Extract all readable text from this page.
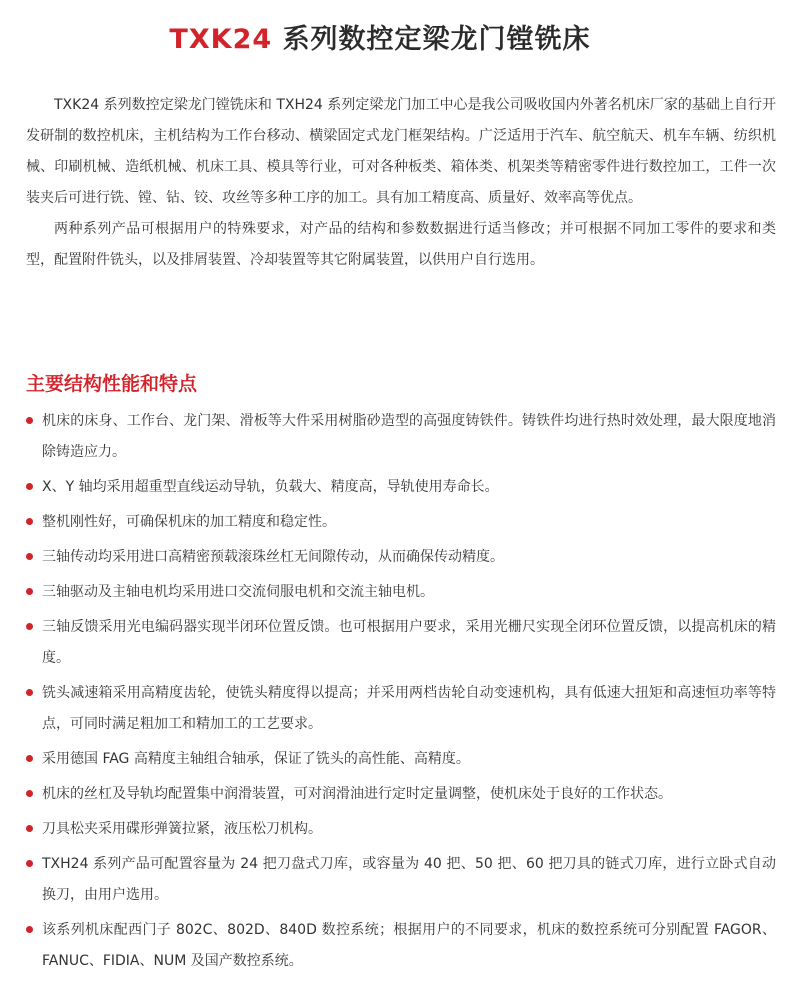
TXK24 系列数控定梁龙门镗铣床

TXK24 系列数控定梁龙门镗铣床和 TXH24 系列定梁龙门加工中心是我公司吸收国内外著名机床厂家的基础上自行开发研制的数控机床，主机结构为工作台移动、横梁固定式龙门框架结构。广泛适用于汽车、航空航天、机车车辆、纺织机械、印刷机械、造纸机械、机床工具、模具等行业，可对各种板类、箱体类、机架类等精密零件进行数控加工，工件一次装夹后可进行铣、镗、钻、铰、攻丝等多种工序的加工。具有加工精度高、质量好、效率高等优点。

两种系列产品可根据用户的特殊要求，对产品的结构和参数数据进行适当修改；并可根据不同加工零件的要求和类型，配置附件铣头，以及排屑装置、冷却装置等其它附属装置，以供用户自行选用。

主要结构性能和特点
机床的床身、工作台、龙门架、滑板等大件采用树脂砂造型的高强度铸铁件。铸铁件均进行热时效处理，最大限度地消除铸造应力。
X、Y 轴均采用超重型直线运动导轨，负载大、精度高，导轨使用寿命长。
整机刚性好，可确保机床的加工精度和稳定性。
三轴传动均采用进口高精密预载滚珠丝杠无间隙传动，从而确保传动精度。
三轴驱动及主轴电机均采用进口交流伺服电机和交流主轴电机。
三轴反馈采用光电编码器实现半闭环位置反馈。也可根据用户要求，采用光栅尺实现全闭环位置反馈，以提高机床的精度。
铣头减速箱采用高精度齿轮，使铣头精度得以提高；并采用两档齿轮自动变速机构，具有低速大扭矩和高速恒功率等特点，可同时满足粗加工和精加工的工艺要求。
采用德国 FAG 高精度主轴组合轴承，保证了铣头的高性能、高精度。
机床的丝杠及导轨均配置集中润滑装置，可对润滑油进行定时定量调整，使机床处于良好的工作状态。
刀具松夹采用碟形弹簧拉紧，液压松刀机构。
TXH24 系列产品可配置容量为 24 把刀盘式刀库，或容量为 40 把、50 把、60 把刀具的链式刀库，进行立卧式自动换刀，由用户选用。
该系列机床配西门子 802C、802D、840D 数控系统；根据用户的不同要求，机床的数控系统可分别配置 FAGOR、FANUC、FIDIA、NUM 及国产数控系统。
